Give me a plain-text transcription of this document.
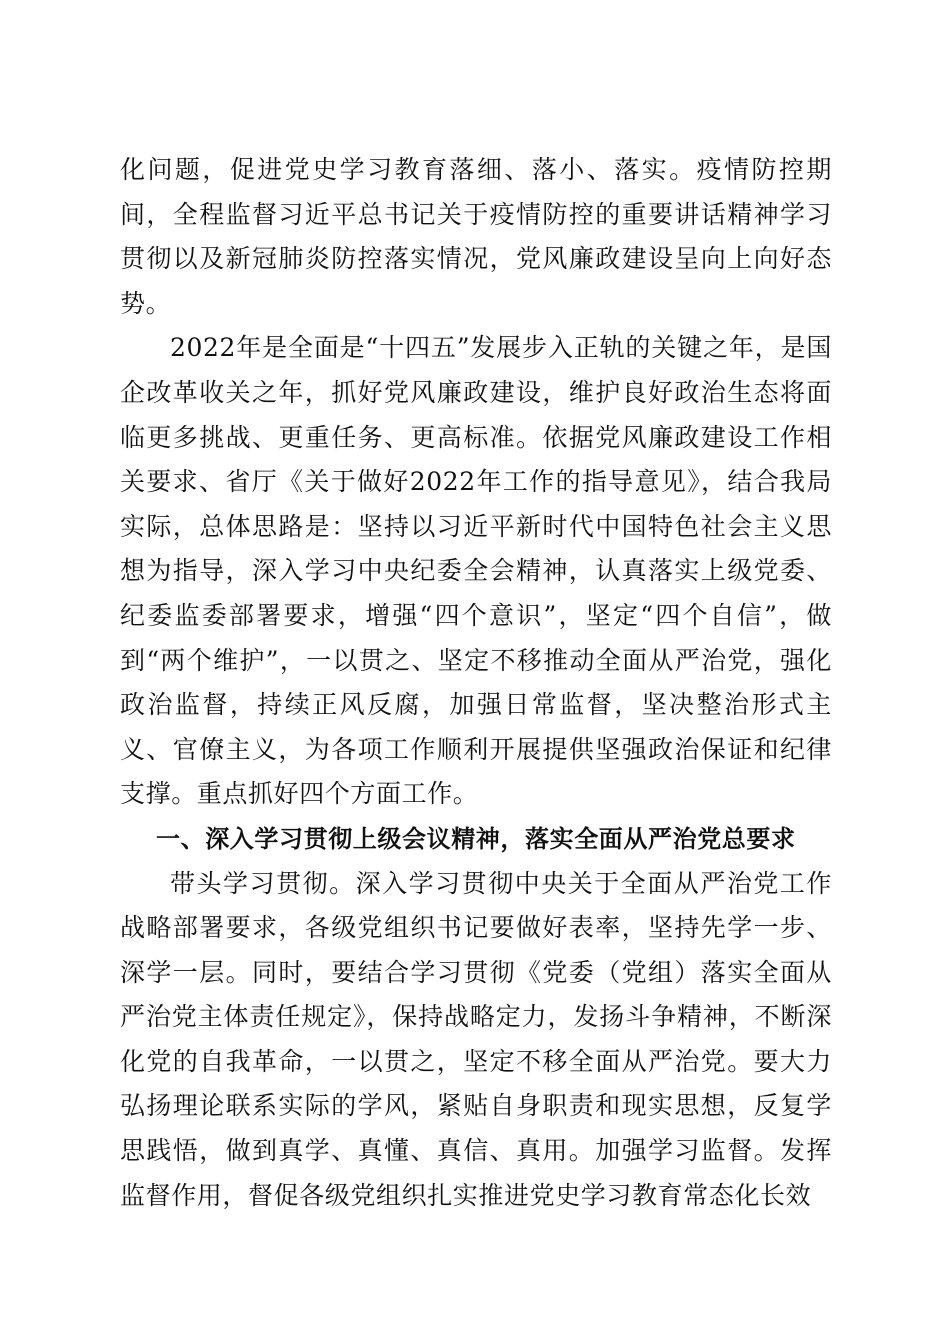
化问题，促进党史学习教育落细、落小、落实。疫情防控期间，全程监督习近平总书记关于疫情防控的重要讲话精神学习贯彻以及新冠肺炎防控落实情况，党风廉政建设呈向上向好态势。

2022年是全面是“十四五”发展步入正轨的关键之年，是国企改革收关之年，抓好党风廉政建设，维护良好政治生态将面临更多挑战、更重任务、更高标准。依据党风廉政建设工作相关要求、省厅《关于做好2022年工作的指导意见》，结合我局实际，总体思路是：坚持以习近平新时代中国特色社会主义思想为指导，深入学习中央纪委全会精神，认真落实上级党委、纪委监委部署要求，增强“四个意识”，坚定“四个自信”，做到“两个维护”，一以贯之、坚定不移推动全面从严治党，强化政治监督，持续正风反腐，加强日常监督，坚决整治形式主义、官僚主义，为各项工作顺利开展提供坚强政治保证和纪律支撑。重点抓好四个方面工作。

一、深入学习贯彻上级会议精神，落实全面从严治党总要求

带头学习贯彻。深入学习贯彻中央关于全面从严治党工作战略部署要求，各级党组织书记要做好表率，坚持先学一步、深学一层。同时，要结合学习贯彻《党委（党组）落实全面从严治党主体责任规定》，保持战略定力，发扬斗争精神，不断深化党的自我革命，一以贯之，坚定不移全面从严治党。要大力弘扬理论联系实际的学风，紧贴自身职责和现实思想，反复学思践悟，做到真学、真懂、真信、真用。加强学习监督。发挥监督作用，督促各级党组织扎实推进党史学习教育常态化长效
